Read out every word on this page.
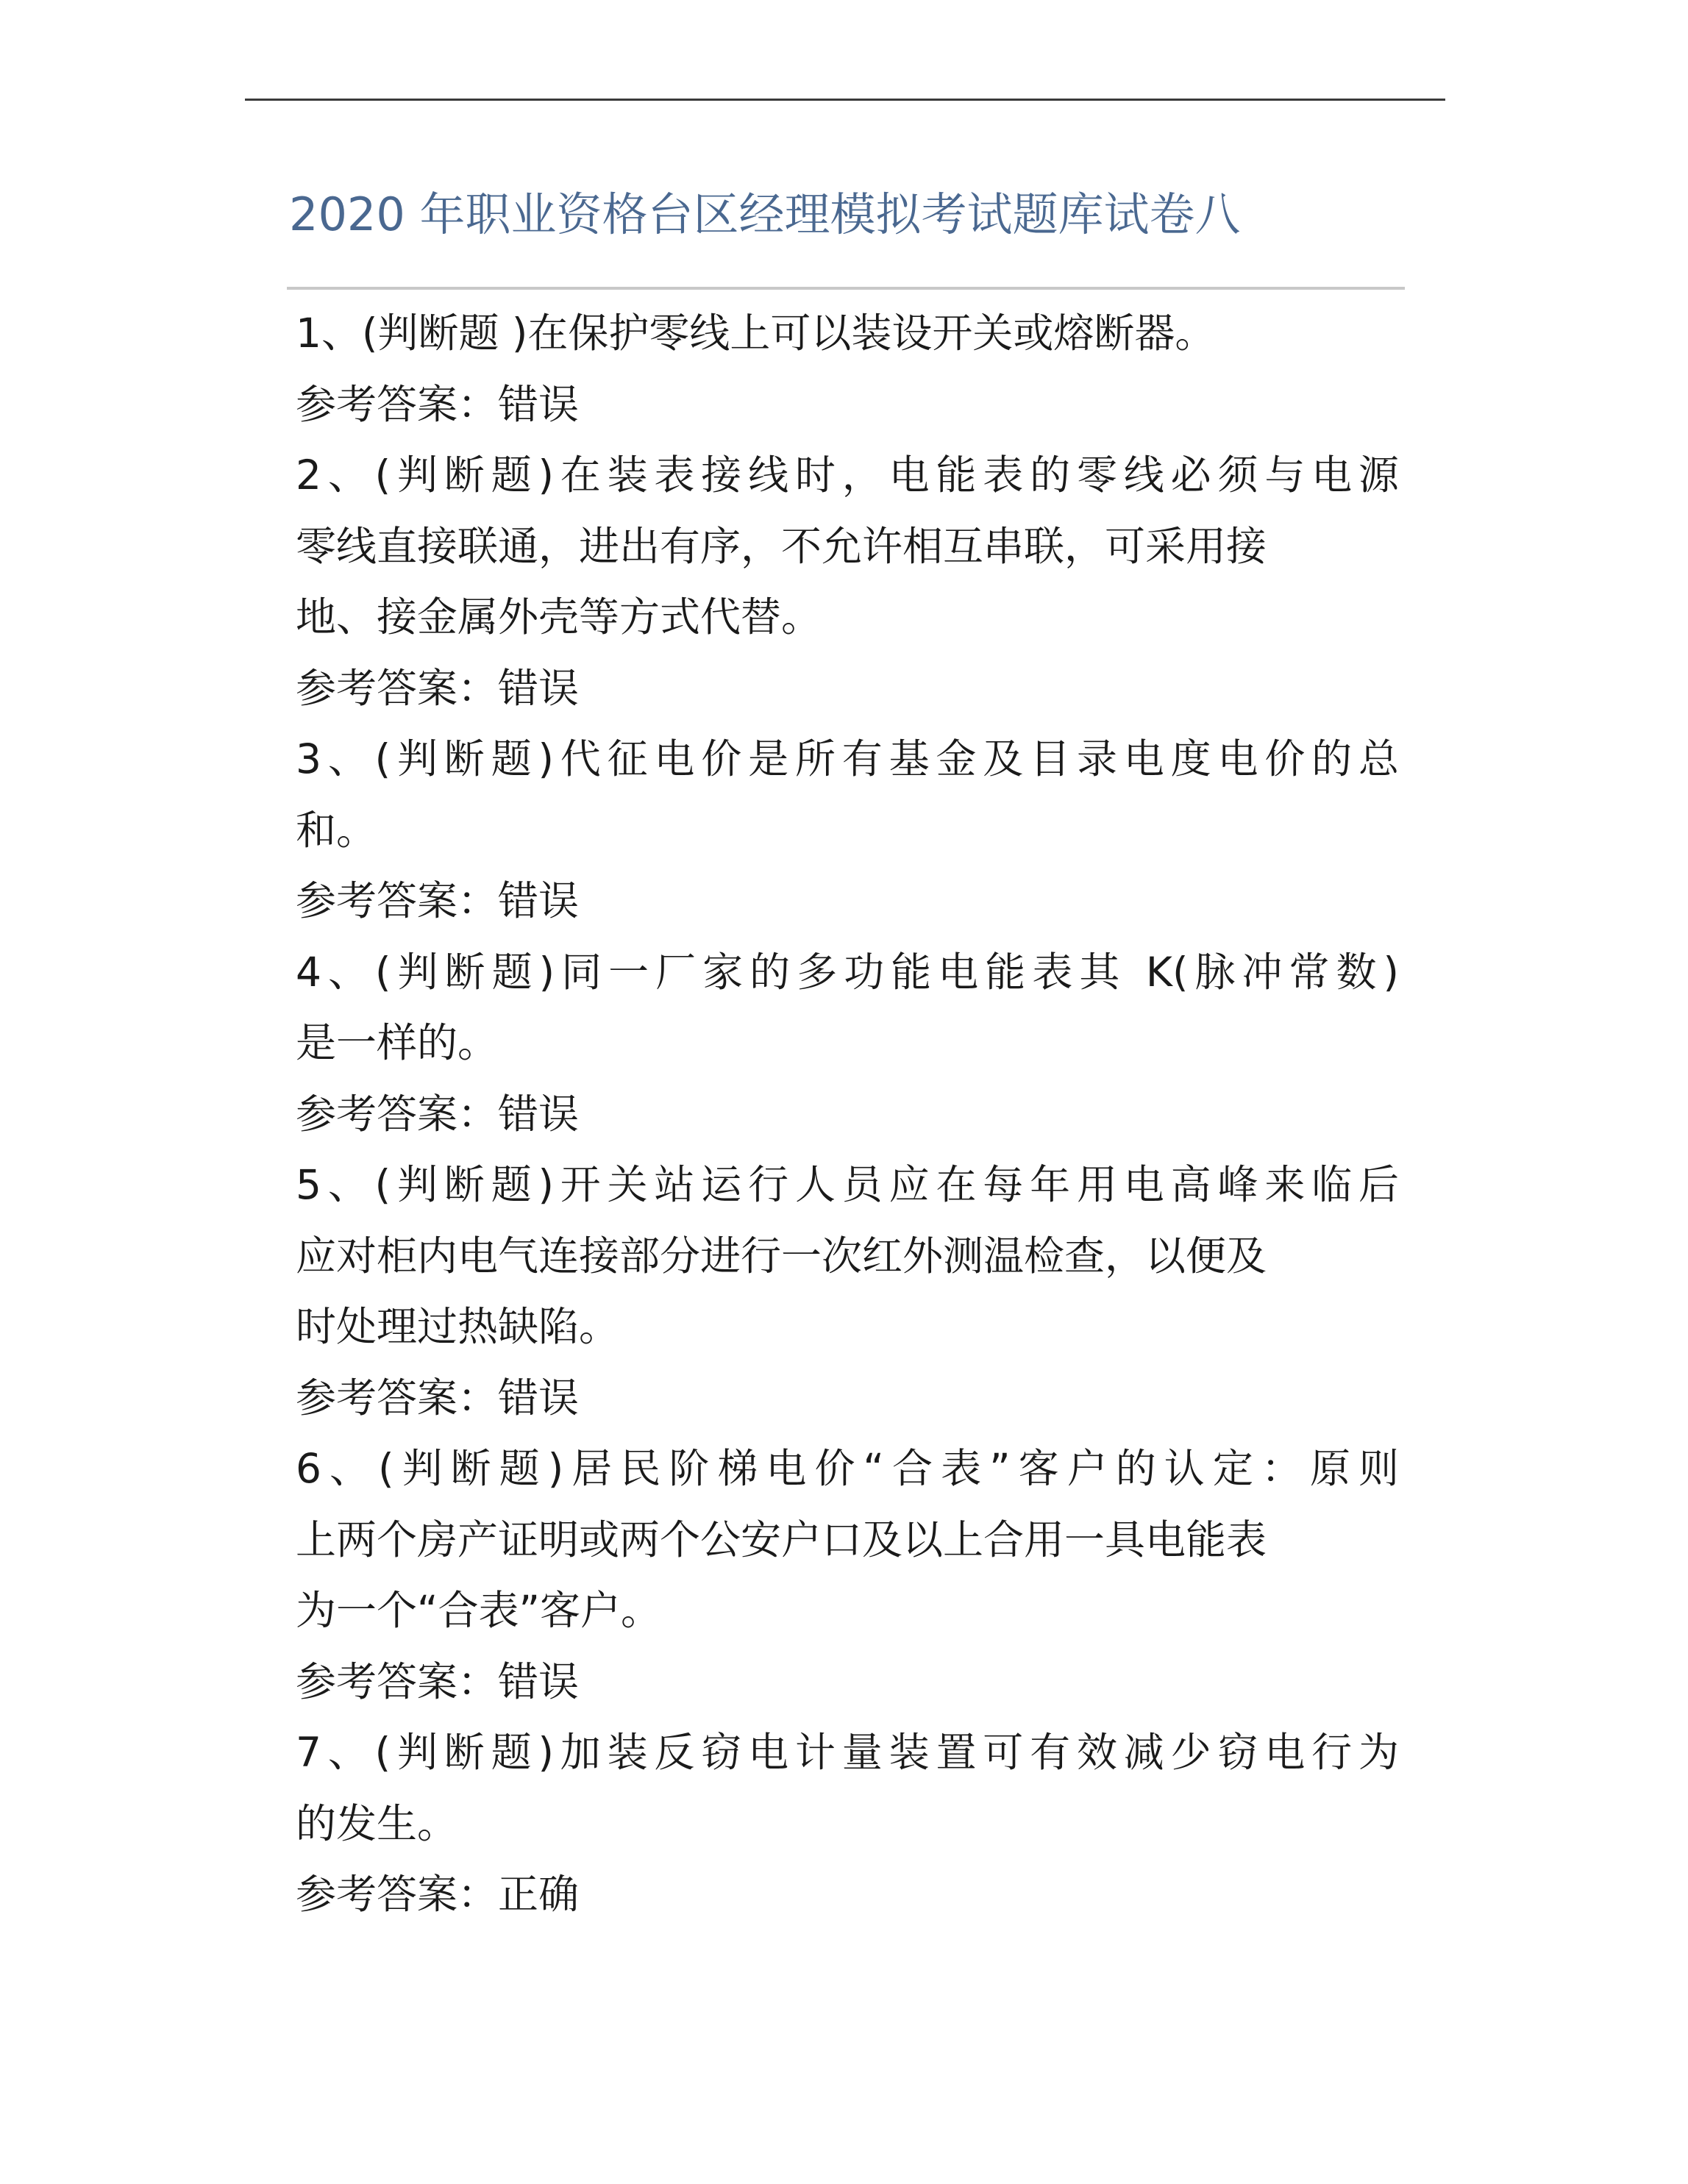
2020 年职业资格台区经理模拟考试题库试卷八
1、(判断题 )在保护零线上可以装设开关或熔断器。
参考答案：错误
2、(判断题)在装表接线时，电能表的零线必须与电源
零线直接联通，进出有序，不允许相互串联，可采用接
地、接金属外壳等方式代替。
参考答案：错误
3、(判断题)代征电价是所有基金及目录电度电价的总
和。
参考答案：错误
4、(判断题)同一厂家的多功能电能表其 K(脉冲常数)
是一样的。
参考答案：错误
5、(判断题)开关站运行人员应在每年用电高峰来临后
应对柜内电气连接部分进行一次红外测温检查，以便及
时处理过热缺陷。
参考答案：错误
6、(判断题)居民阶梯电价“合表”客户的认定：原则
上两个房产证明或两个公安户口及以上合用一具电能表
为一个“合表”客户。
参考答案：错误
7、(判断题)加装反窃电计量装置可有效减少窃电行为
的发生。
参考答案：正确
